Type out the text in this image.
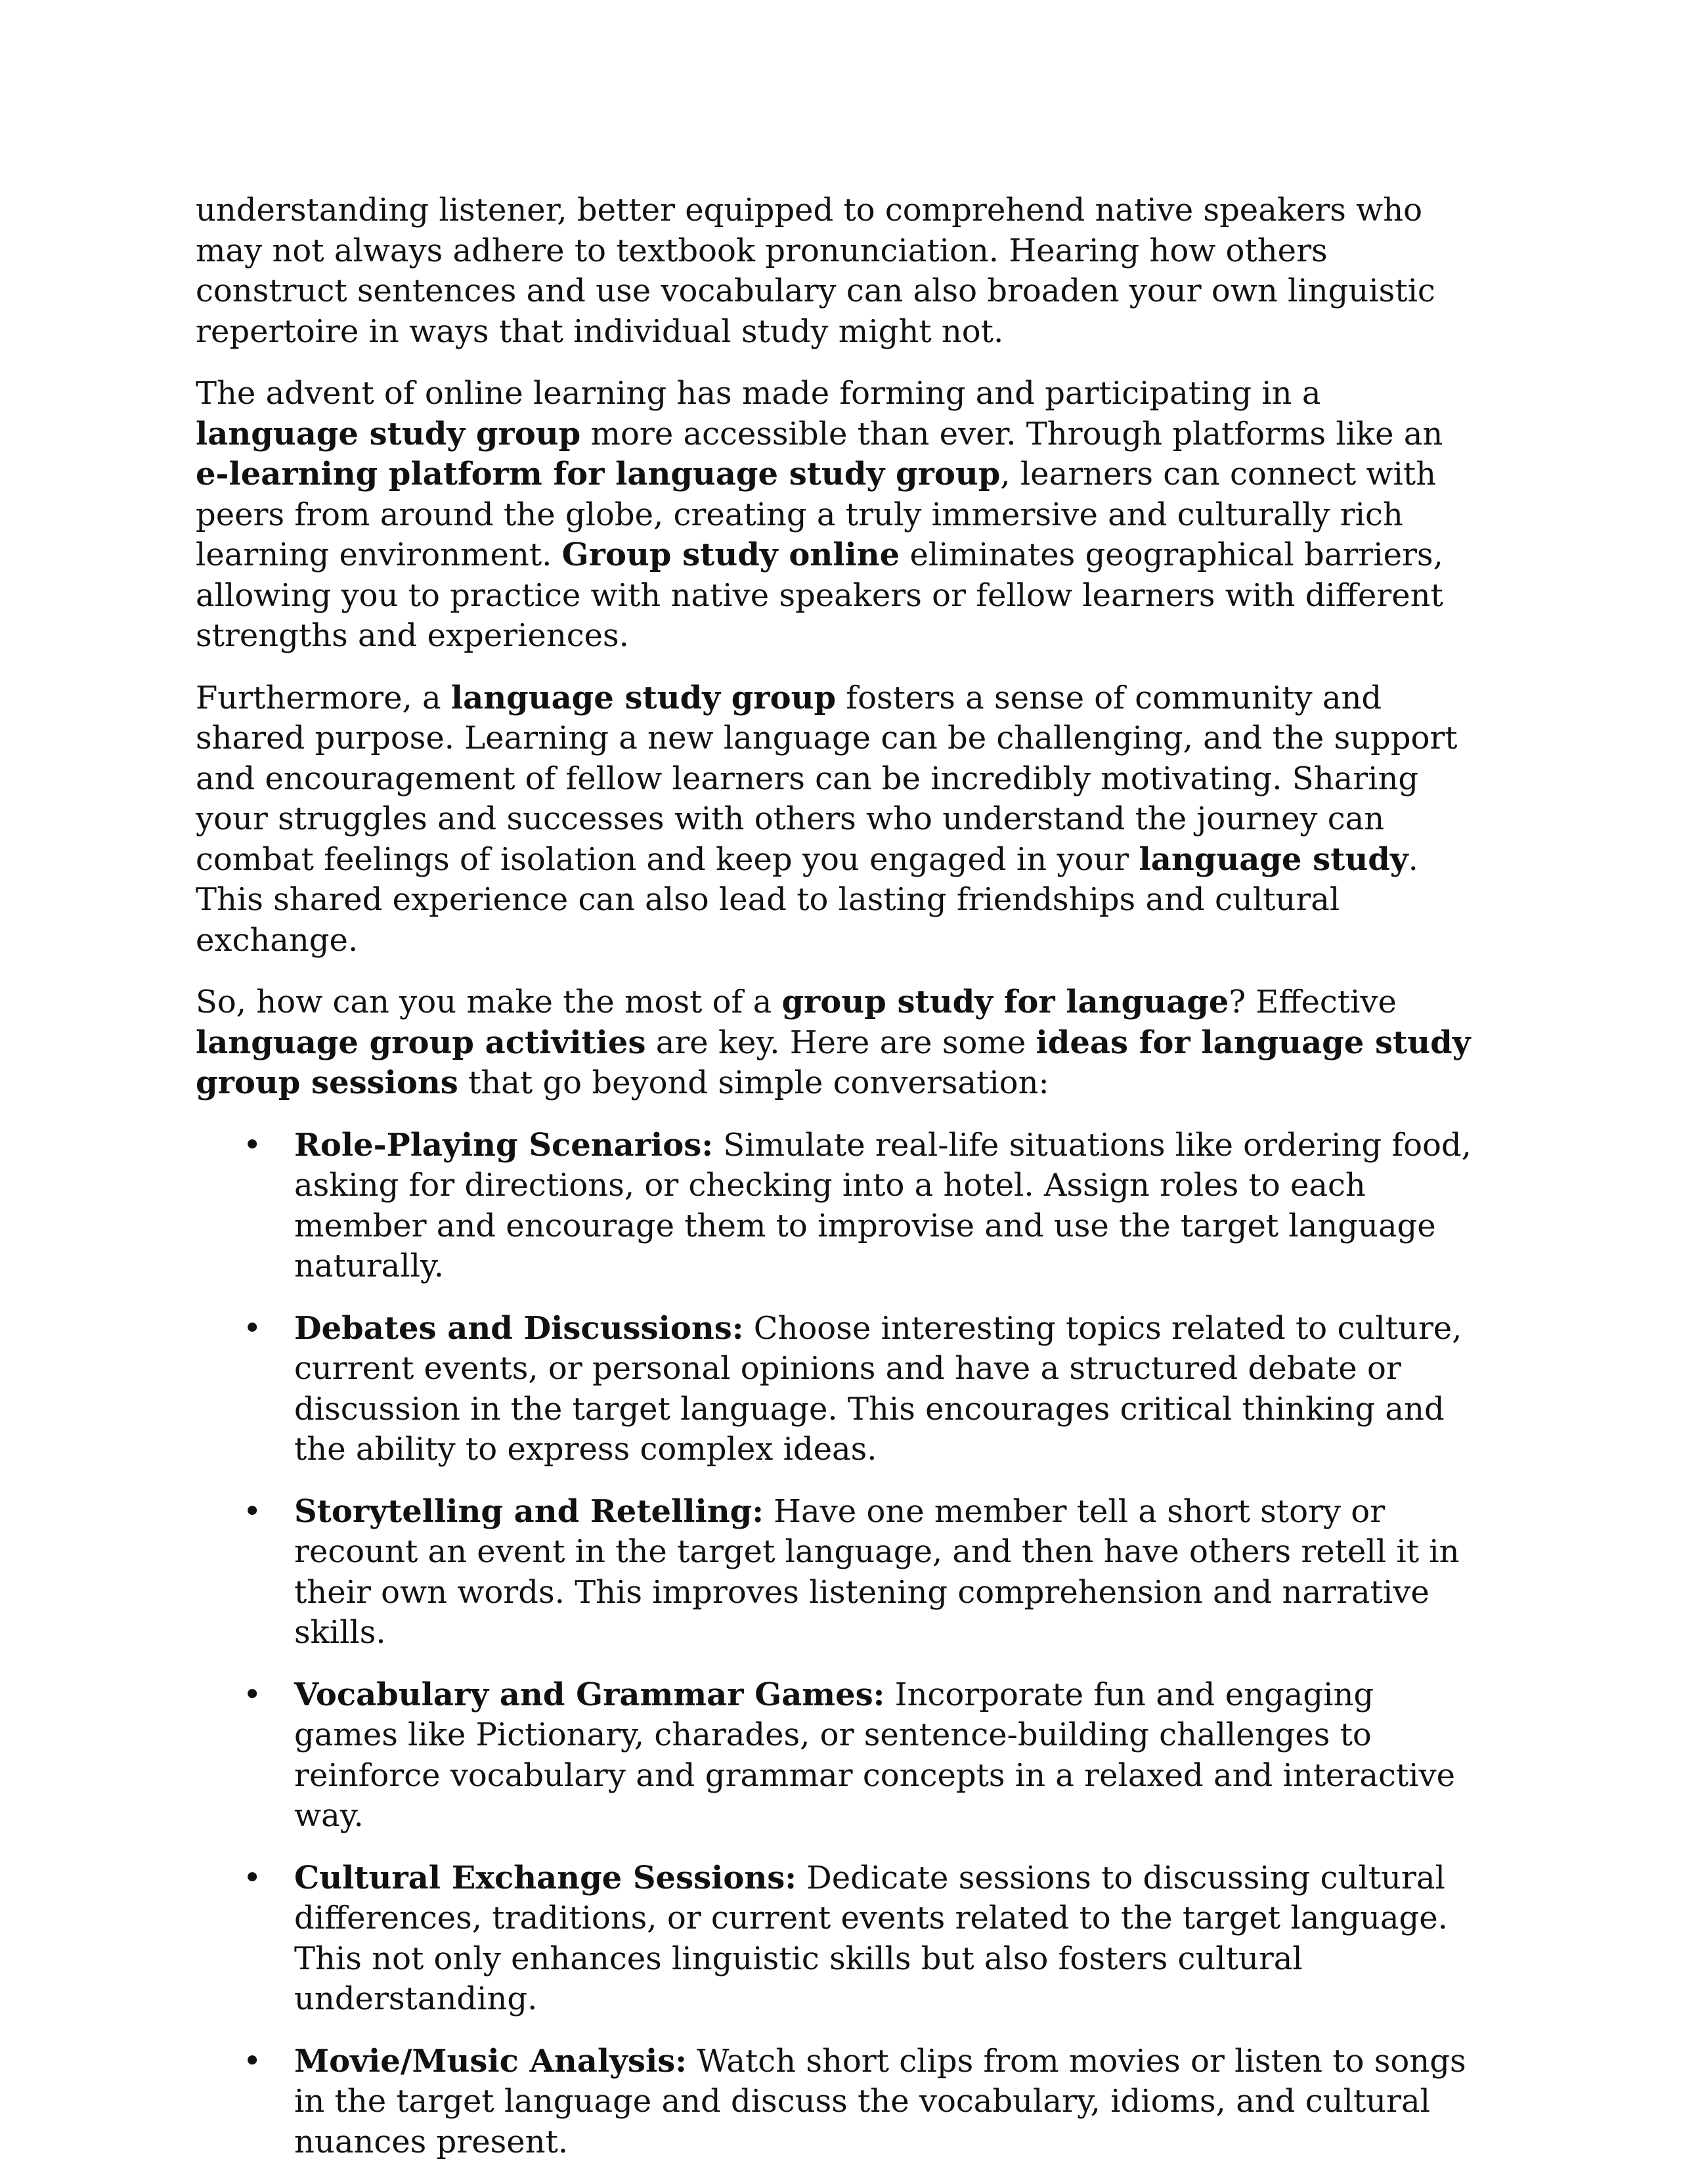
understanding listener, better equipped to comprehend native speakers who may not always adhere to textbook pronunciation. Hearing how others construct sentences and use vocabulary can also broaden your own linguistic repertoire in ways that individual study might not.

The advent of online learning has made forming and participating in a language study group more accessible than ever. Through platforms like an e-learning platform for language study group, learners can connect with peers from around the globe, creating a truly immersive and culturally rich learning environment. Group study online eliminates geographical barriers, allowing you to practice with native speakers or fellow learners with different strengths and experiences.

Furthermore, a language study group fosters a sense of community and shared purpose. Learning a new language can be challenging, and the support and encouragement of fellow learners can be incredibly motivating. Sharing your struggles and successes with others who understand the journey can combat feelings of isolation and keep you engaged in your language study. This shared experience can also lead to lasting friendships and cultural exchange.

So, how can you make the most of a group study for language? Effective language group activities are key. Here are some ideas for language study group sessions that go beyond simple conversation:

• Role-Playing Scenarios: Simulate real-life situations like ordering food, asking for directions, or checking into a hotel. Assign roles to each member and encourage them to improvise and use the target language naturally.
• Debates and Discussions: Choose interesting topics related to culture, current events, or personal opinions and have a structured debate or discussion in the target language. This encourages critical thinking and the ability to express complex ideas.
• Storytelling and Retelling: Have one member tell a short story or recount an event in the target language, and then have others retell it in their own words. This improves listening comprehension and narrative skills.
• Vocabulary and Grammar Games: Incorporate fun and engaging games like Pictionary, charades, or sentence-building challenges to reinforce vocabulary and grammar concepts in a relaxed and interactive way.
• Cultural Exchange Sessions: Dedicate sessions to discussing cultural differences, traditions, or current events related to the target language. This not only enhances linguistic skills but also fosters cultural understanding.
• Movie/Music Analysis: Watch short clips from movies or listen to songs in the target language and discuss the vocabulary, idioms, and cultural nuances present.
